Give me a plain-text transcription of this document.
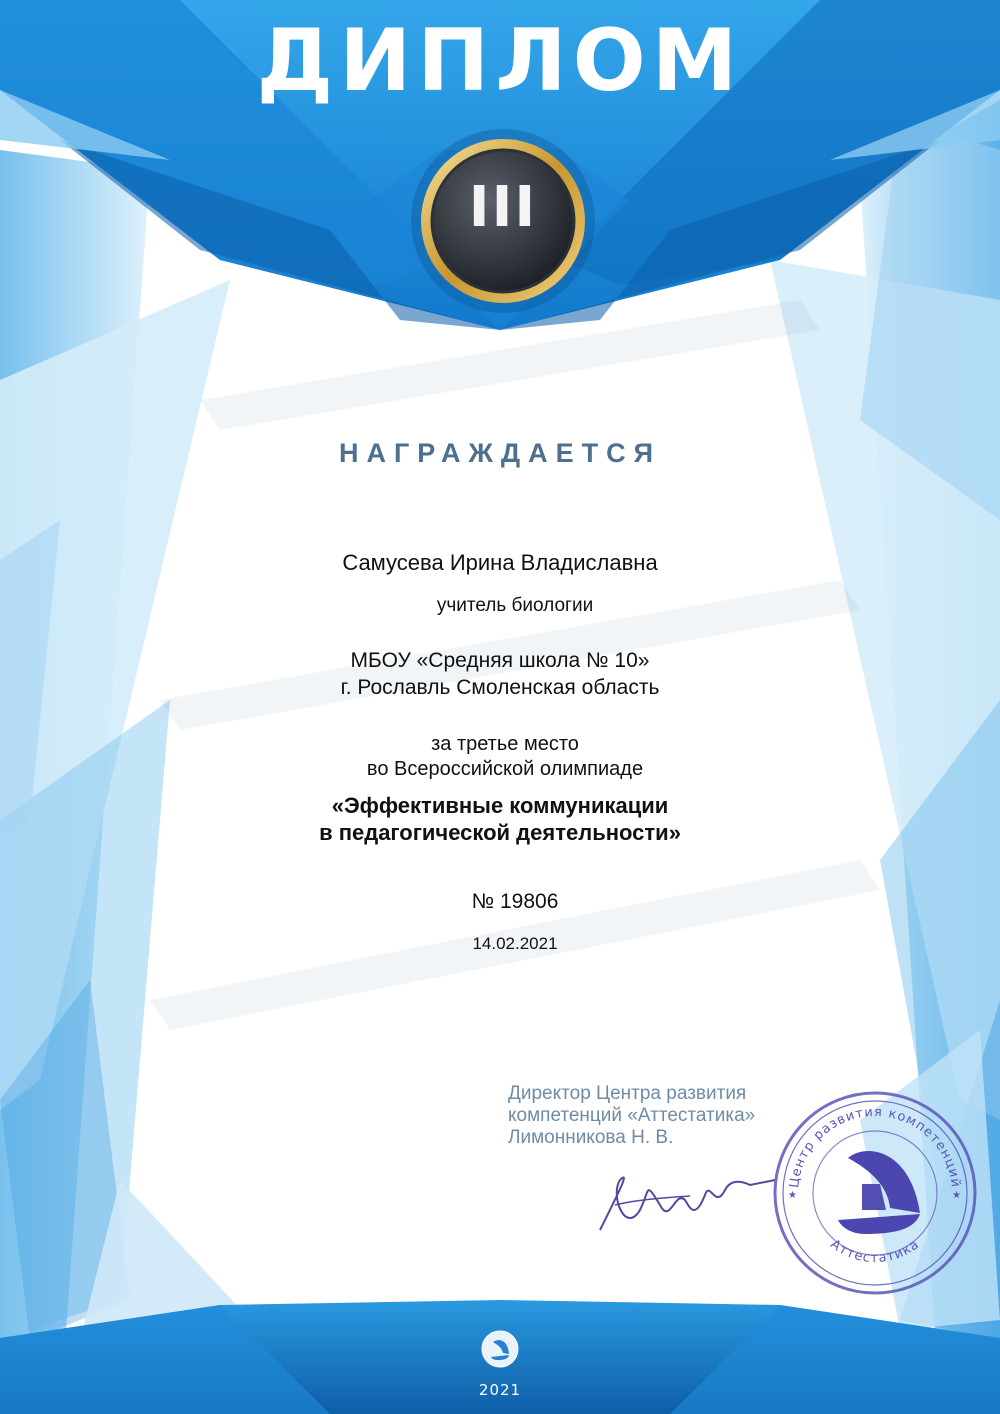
ДИПЛОМ
III
НАГРАЖДАЕТСЯ
Самусева Ирина Владиславна
учитель биологии
МБОУ «Средняя школа № 10»
г. Рославль Смоленская область
за третье место
во Всероссийской олимпиаде
«Эффективные коммуникации
в педагогической деятельности»
№ 19806
14.02.2021
Директор Центра развития
компетенций «Аттестатика»
Лимонникова Н. В.
Центр развития компетенций
Аттестатика
★	★
2021
